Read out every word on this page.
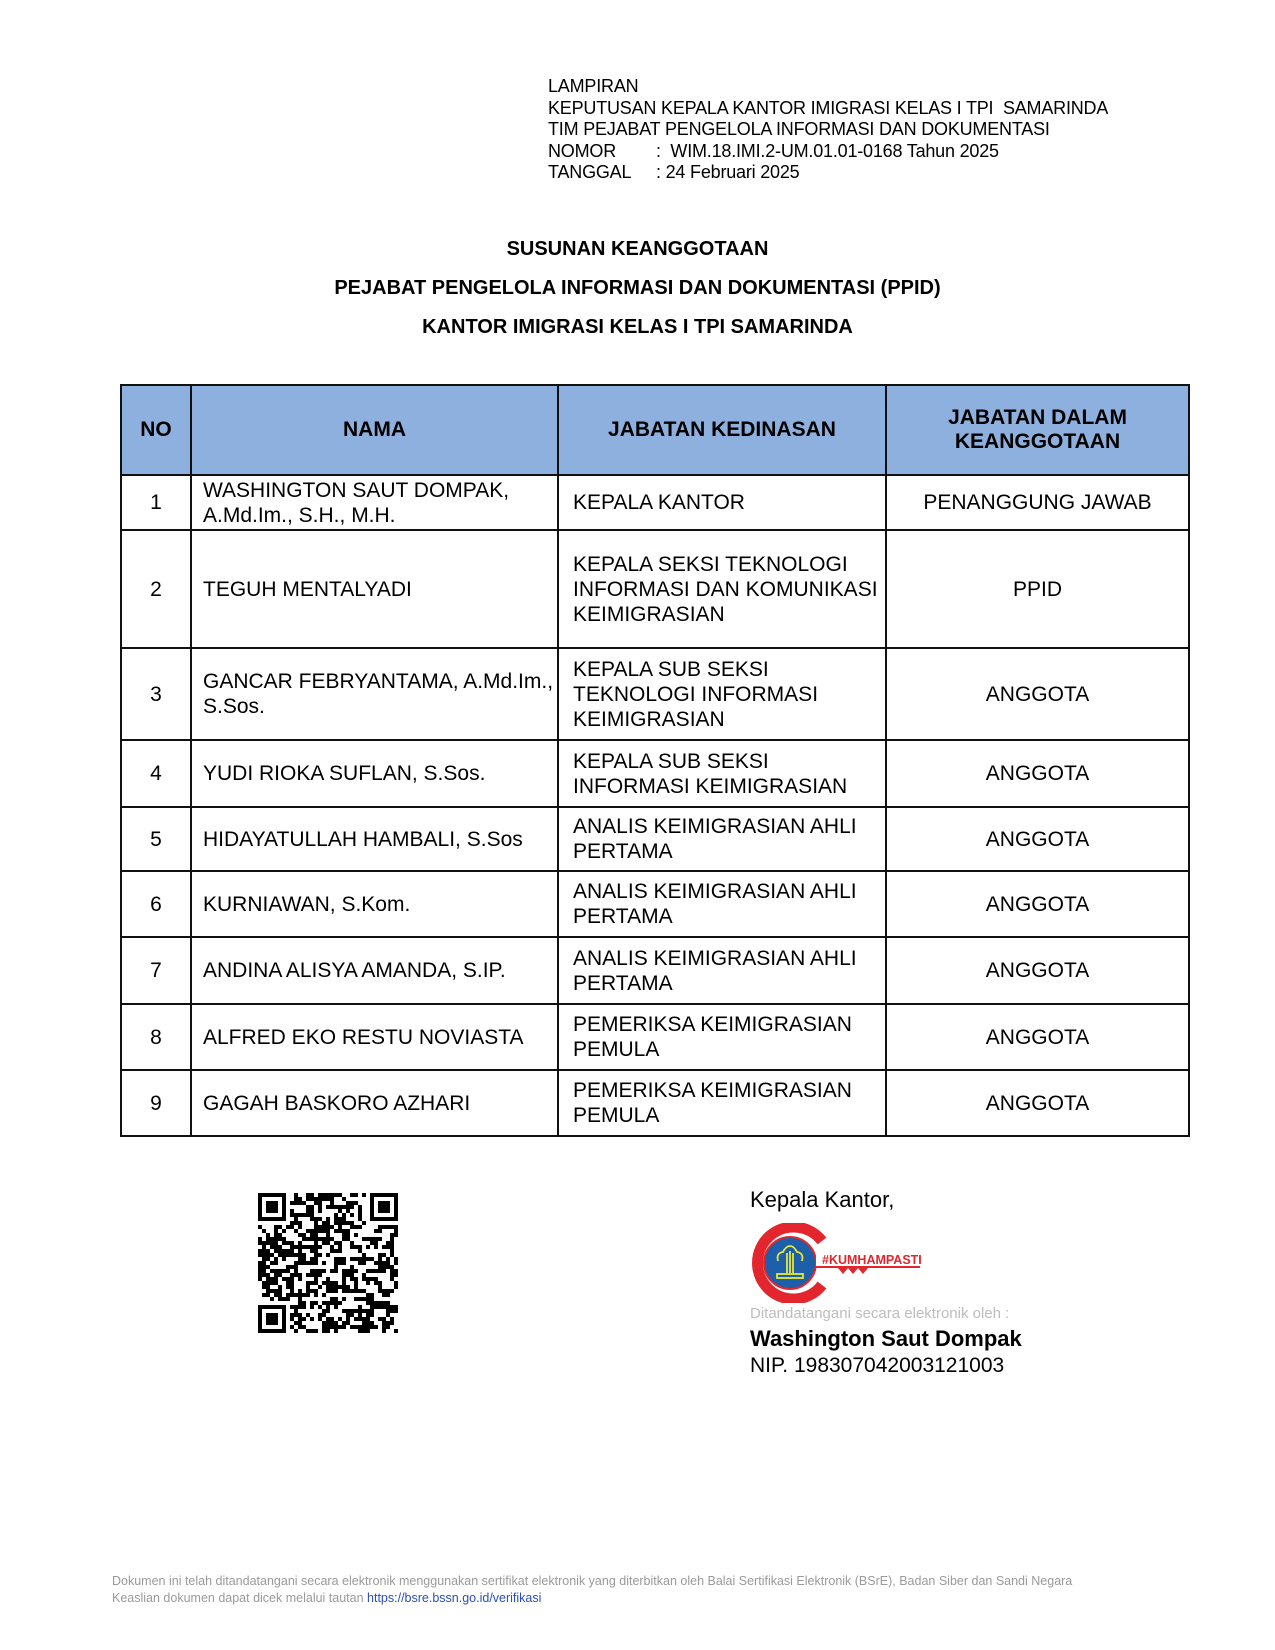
LAMPIRAN
KEPUTUSAN KEPALA KANTOR IMIGRASI KELAS I TPI  SAMARINDA
TIM PEJABAT PENGELOLA INFORMASI DAN DOKUMENTASI
NOMOR :  WIM.18.IMI.2-UM.01.01-0168 Tahun 2025
TANGGAL : 24 Februari 2025
SUSUNAN KEANGGOTAAN
PEJABAT PENGELOLA INFORMASI DAN DOKUMENTASI (PPID)
KANTOR IMIGRASI KELAS I TPI SAMARINDA
NO	NAMA	JABATAN KEDINASAN	JABATAN DALAM KEANGGOTAAN
1	WASHINGTON SAUT DOMPAK, A.Md.Im., S.H., M.H.	KEPALA KANTOR	PENANGGUNG JAWAB
2	TEGUH MENTALYADI	KEPALA SEKSI TEKNOLOGI INFORMASI DAN KOMUNIKASI KEIMIGRASIAN	PPID
3	GANCAR FEBRYANTAMA, A.Md.Im., S.Sos.	KEPALA SUB SEKSI TEKNOLOGI INFORMASI KEIMIGRASIAN	ANGGOTA
4	YUDI RIOKA SUFLAN, S.Sos.	KEPALA SUB SEKSI INFORMASI KEIMIGRASIAN	ANGGOTA
5	HIDAYATULLAH HAMBALI, S.Sos	ANALIS KEIMIGRASIAN AHLI PERTAMA	ANGGOTA
6	KURNIAWAN, S.Kom.	ANALIS KEIMIGRASIAN AHLI PERTAMA	ANGGOTA
7	ANDINA ALISYA AMANDA, S.IP.	ANALIS KEIMIGRASIAN AHLI PERTAMA	ANGGOTA
8	ALFRED EKO RESTU NOVIASTA	PEMERIKSA KEIMIGRASIAN PEMULA	ANGGOTA
9	GAGAH BASKORO AZHARI	PEMERIKSA KEIMIGRASIAN PEMULA	ANGGOTA
Kepala Kantor,
#KUMHAMPASTI
Ditandatangani secara elektronik oleh :
Washington Saut Dompak
NIP. 198307042003121003
Dokumen ini telah ditandatangani secara elektronik menggunakan sertifikat elektronik yang diterbitkan oleh Balai Sertifikasi Elektronik (BSrE), Badan Siber dan Sandi Negara
Keaslian dokumen dapat dicek melalui tautan https://bsre.bssn.go.id/verifikasi
